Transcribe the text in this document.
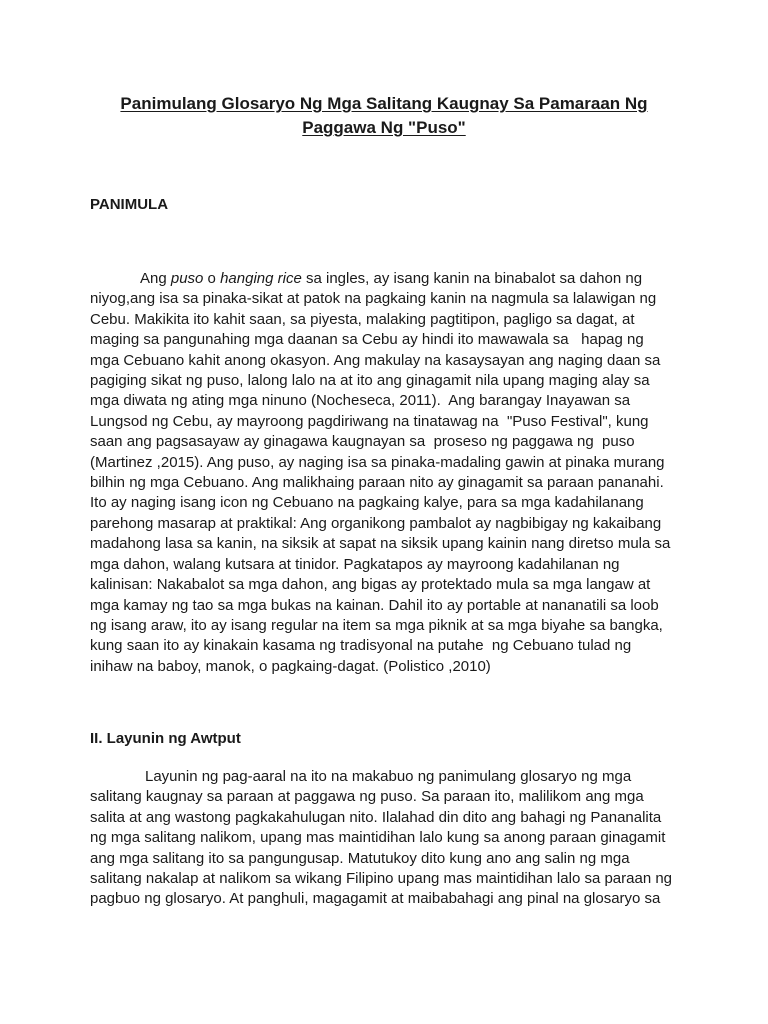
Panimulang Glosaryo Ng Mga Salitang Kaugnay Sa Pamaraan Ng
Paggawa Ng "Puso"
PANIMULA
Ang puso o hanging rice sa ingles, ay isang kanin na binabalot sa dahon ng
niyog,ang isa sa pinaka-sikat at patok na pagkaing kanin na nagmula sa lalawigan ng
Cebu. Makikita ito kahit saan, sa piyesta, malaking pagtitipon, pagligo sa dagat, at
maging sa pangunahing mga daanan sa Cebu ay hindi ito mawawala sa   hapag ng
mga Cebuano kahit anong okasyon. Ang makulay na kasaysayan ang naging daan sa
pagiging sikat ng puso, lalong lalo na at ito ang ginagamit nila upang maging alay sa
mga diwata ng ating mga ninuno (Nocheseca, 2011).  Ang barangay Inayawan sa
Lungsod ng Cebu, ay mayroong pagdiriwang na tinatawag na  "Puso Festival", kung
saan ang pagsasayaw ay ginagawa kaugnayan sa  proseso ng paggawa ng  puso
(Martinez ,2015). Ang puso, ay naging isa sa pinaka-madaling gawin at pinaka murang
bilhin ng mga Cebuano. Ang malikhaing paraan nito ay ginagamit sa paraan pananahi.
Ito ay naging isang icon ng Cebuano na pagkaing kalye, para sa mga kadahilanang
parehong masarap at praktikal: Ang organikong pambalot ay nagbibigay ng kakaibang
madahong lasa sa kanin, na siksik at sapat na siksik upang kainin nang diretso mula sa
mga dahon, walang kutsara at tinidor. Pagkatapos ay mayroong kadahilanan ng
kalinisan: Nakabalot sa mga dahon, ang bigas ay protektado mula sa mga langaw at
mga kamay ng tao sa mga bukas na kainan. Dahil ito ay portable at nananatili sa loob
ng isang araw, ito ay isang regular na item sa mga piknik at sa mga biyahe sa bangka,
kung saan ito ay kinakain kasama ng tradisyonal na putahe  ng Cebuano tulad ng
inihaw na baboy, manok, o pagkaing-dagat. (Polistico ,2010)
II. Layunin ng Awtput
Layunin ng pag-aaral na ito na makabuo ng panimulang glosaryo ng mga
salitang kaugnay sa paraan at paggawa ng puso. Sa paraan ito, malilikom ang mga
salita at ang wastong pagkakahulugan nito. Ilalahad din dito ang bahagi ng Pananalita
ng mga salitang nalikom, upang mas maintidihan lalo kung sa anong paraan ginagamit
ang mga salitang ito sa pangungusap. Matutukoy dito kung ano ang salin ng mga
salitang nakalap at nalikom sa wikang Filipino upang mas maintidihan lalo sa paraan ng
pagbuo ng glosaryo. At panghuli, magagamit at maibabahagi ang pinal na glosaryo sa
